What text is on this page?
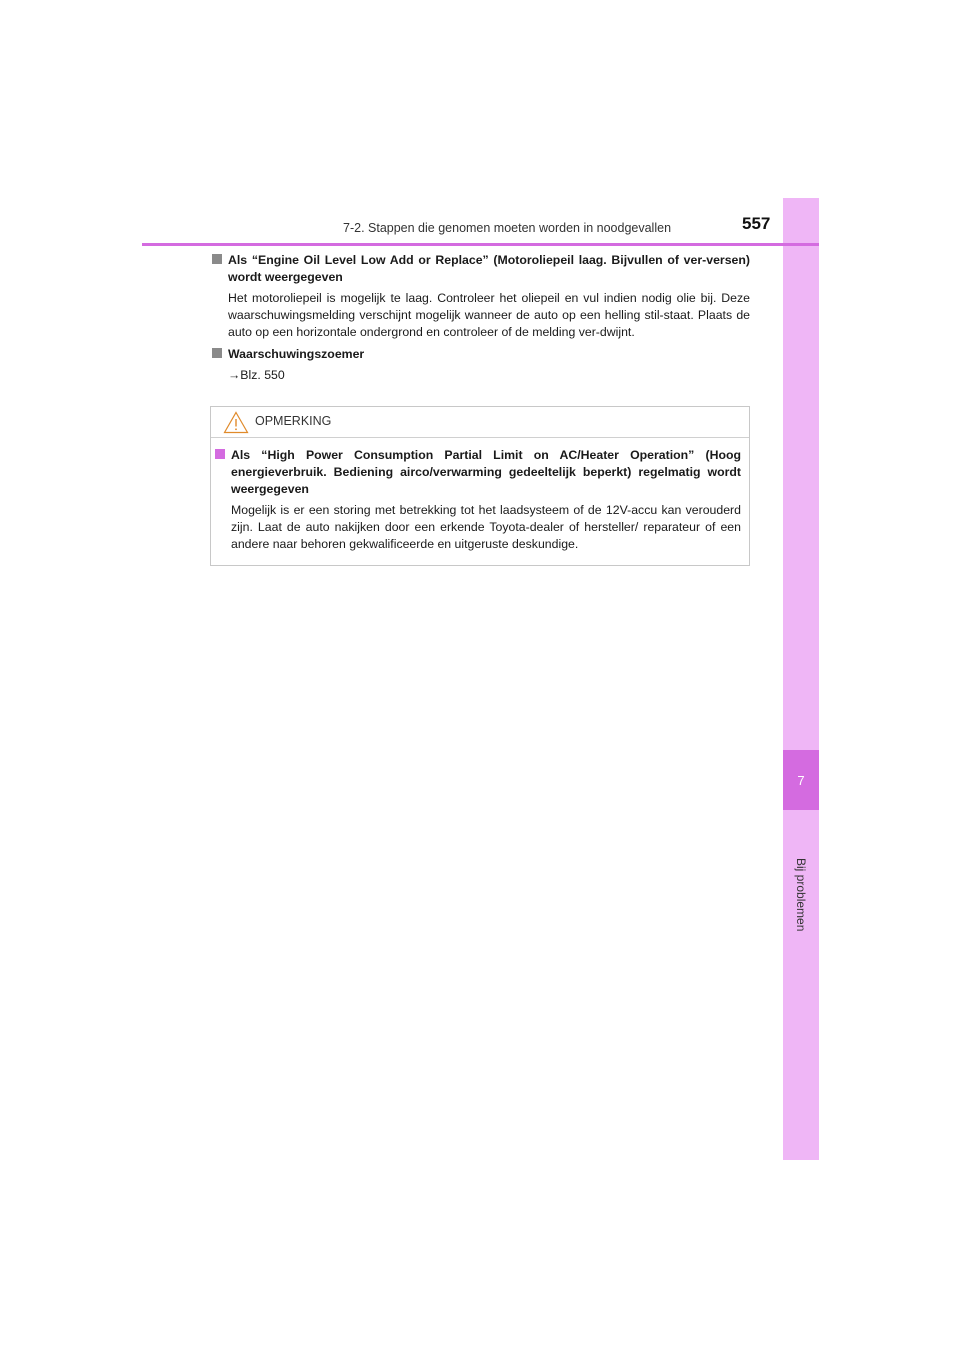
7
Bij problemen
7-2. Stappen die genomen moeten worden in noodgevallen	557
Als “Engine Oil Level Low Add or Replace” (Motoroliepeil laag. Bijvullen of ver-versen) wordt weergegeven
Het motoroliepeil is mogelijk te laag. Controleer het oliepeil en vul indien nodig olie bij. Deze waarschuwingsmelding verschijnt mogelijk wanneer de auto op een helling stil-staat. Plaats de auto op een horizontale ondergrond en controleer of de melding ver-dwijnt.
Waarschuwingszoemer
→Blz. 550
OPMERKING
Als “High Power Consumption Partial Limit on AC/Heater Operation” (Hoog energieverbruik. Bediening airco/verwarming gedeeltelijk beperkt) regelmatig wordt weergegeven
Mogelijk is er een storing met betrekking tot het laadsysteem of de 12V-accu kan verouderd zijn. Laat de auto nakijken door een erkende Toyota-dealer of hersteller/ reparateur of een andere naar behoren gekwalificeerde en uitgeruste deskundige.
